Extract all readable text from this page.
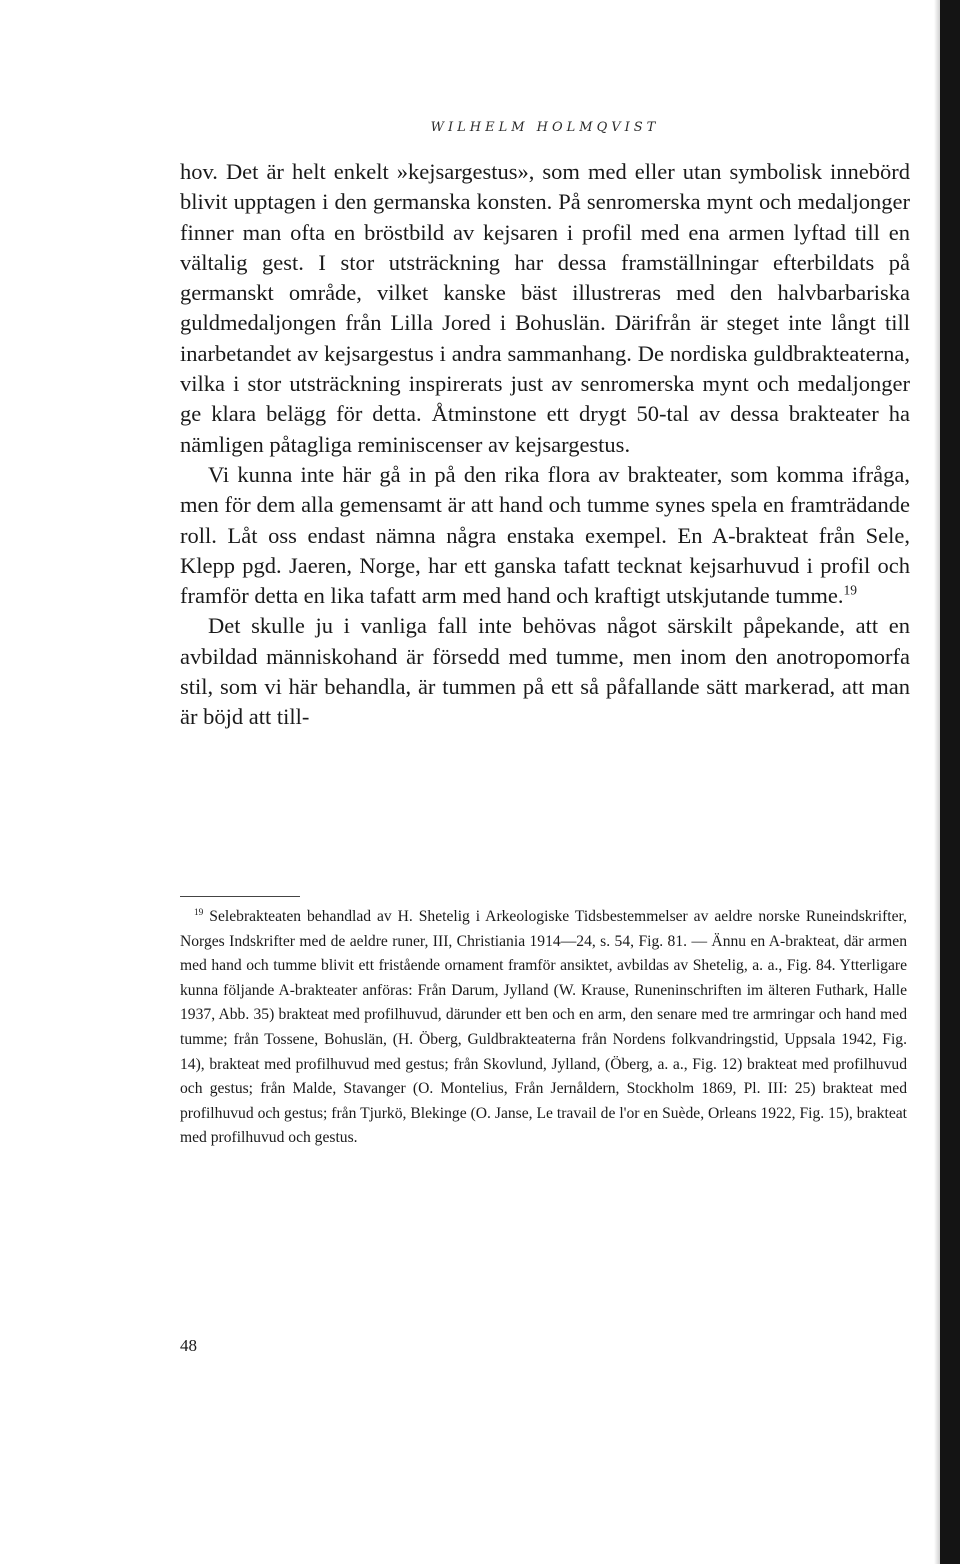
WILHELM HOLMQVIST

hov. Det är helt enkelt »kejsargestus», som med eller utan symbolisk innebörd blivit upptagen i den germanska konsten. På senromerska mynt och medaljonger finner man ofta en bröstbild av kejsaren i profil med ena armen lyftad till en vältalig gest. I stor utsträckning har dessa framställningar efterbildats på germanskt område, vilket kanske bäst illustreras med den halvbarbariska guldmedaljongen från Lilla Jored i Bohuslän. Därifrån är steget inte långt till inarbetandet av kejsargestus i andra sammanhang. De nordiska guldbrakteaterna, vilka i stor utsträckning inspirerats just av senromerska mynt och medaljonger ge klara belägg för detta. Åtminstone ett drygt 50-tal av dessa brakteater ha nämligen påtagliga reminiscenser av kejsargestus.

Vi kunna inte här gå in på den rika flora av brakteater, som komma ifråga, men för dem alla gemensamt är att hand och tumme synes spela en framträdande roll. Låt oss endast nämna några enstaka exempel. En A-brakteat från Sele, Klepp pgd. Jaeren, Norge, har ett ganska tafatt tecknat kejsarhuvud i profil och framför detta en lika tafatt arm med hand och kraftigt utskjutande tumme.$^{19}$

Det skulle ju i vanliga fall inte behövas något särskilt påpekande, att en avbildad människohand är försedd med tumme, men inom den anotropomorfa stil, som vi här behandla, är tummen på ett så påfallande sätt markerad, att man är böjd att till-

$^{19}$ Selebrakteaten behandlad av H. Shetelig i Arkeologiske Tidsbestemmelser av aeldre norske Runeindskrifter, Norges Indskrifter med de aeldre runer, III, Christiania 1914—24, s. 54, Fig. 81. — Ännu en A-brakteat, där armen med hand och tumme blivit ett fristående ornament framför ansiktet, avbildas av Shetelig, a. a., Fig. 84. Ytterligare kunna följande A-brakteater anföras: Från Darum, Jylland (W. Krause, Runeninschriften im älteren Futhark, Halle 1937, Abb. 35) brakteat med profilhuvud, därunder ett ben och en arm, den senare med tre armringar och hand med tumme; från Tossene, Bohuslän, (H. Öberg, Guldbrakteaterna från Nordens folkvandringstid, Uppsala 1942, Fig. 14), brakteat med profilhuvud med gestus; från Skovlund, Jylland, (Öberg, a. a., Fig. 12) brakteat med profilhuvud och gestus; från Malde, Stavanger (O. Montelius, Från Jernåldern, Stockholm 1869, Pl. III: 25) brakteat med profilhuvud och gestus; från Tjurkö, Blekinge (O. Janse, Le travail de l'or en Suède, Orleans 1922, Fig. 15), brakteat med profilhuvud och gestus.

48
